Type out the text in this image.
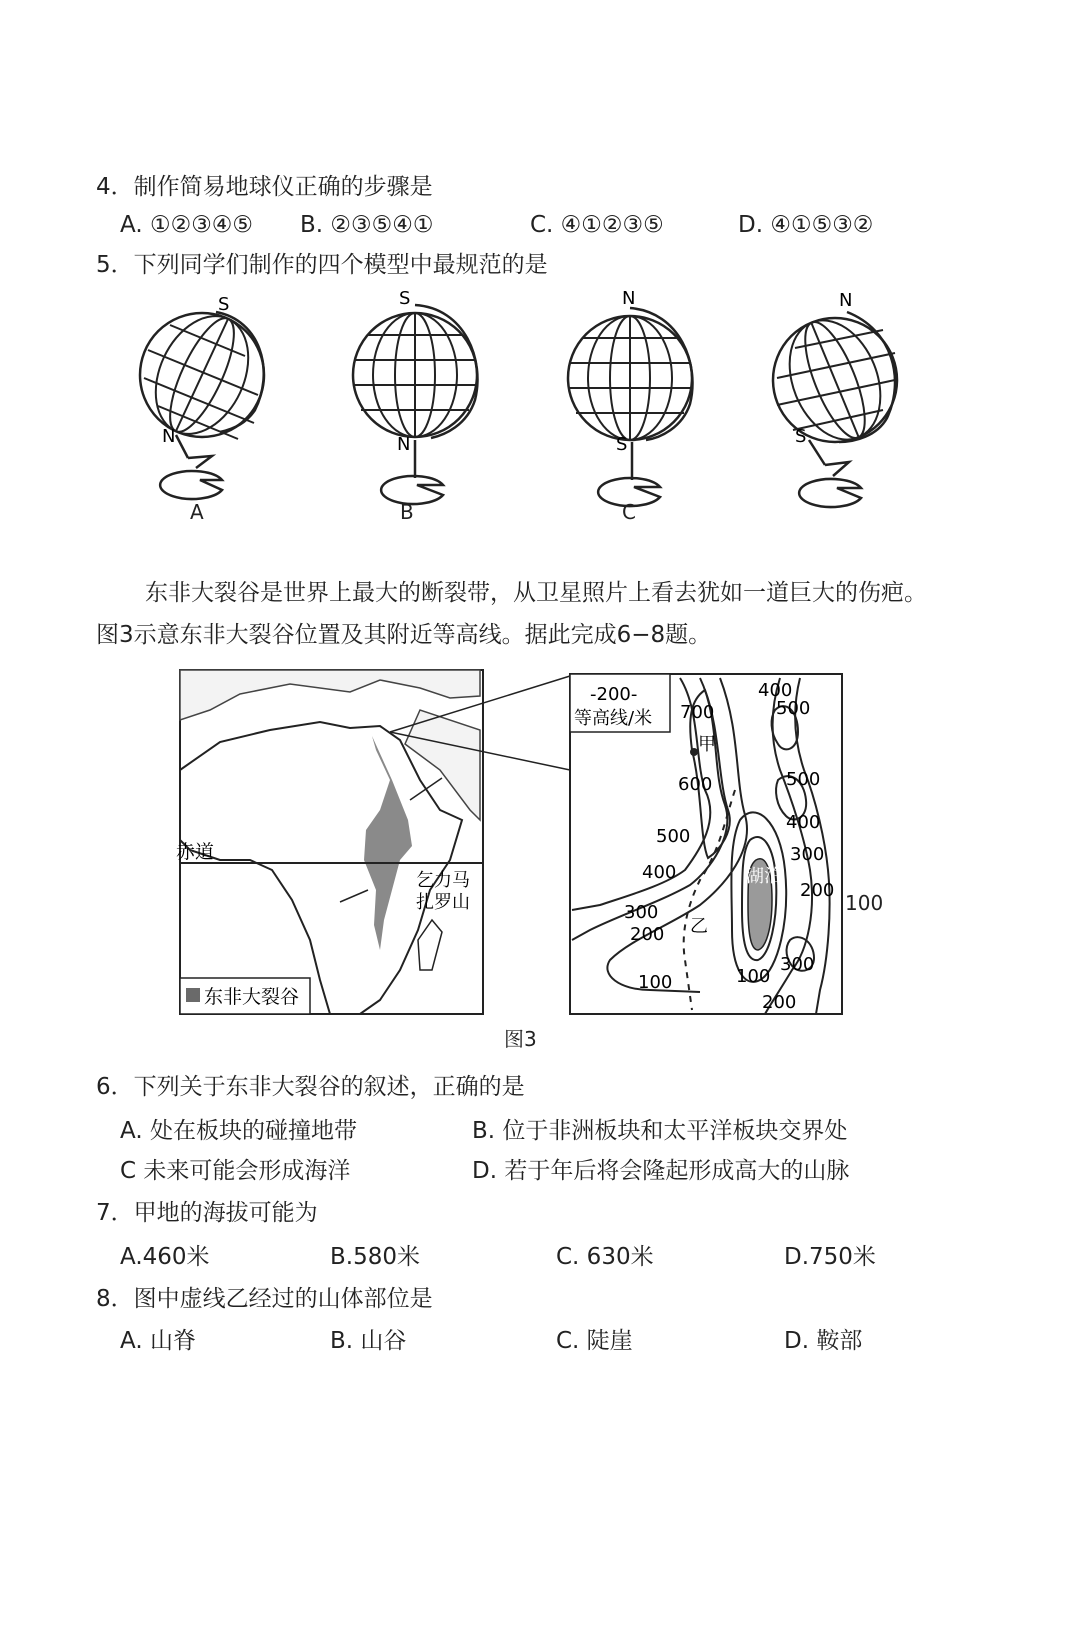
4．制作简易地球仪正确的步骤是
A. ①②③④⑤ B. ②③⑤④①	C. ④①②③⑤	D. ④①⑤③②
5．下列同学们制作的四个模型中最规范的是
S
N
A
S
N
B
N
S
C
N
S
东非大裂谷是世界上最大的断裂带，从卫星照片上看去犹如一道巨大的伤疤。
图3示意东非大裂谷位置及其附近等高线。据此完成6−8题。
赤道
乞力马
扎罗山
东非大裂谷
-200-
等高线/米 700
400
500
甲
600
500
400
500
400
300
湖泊
300
200
200
乙
300
100
100
200
100
图3
6．下列关于东非大裂谷的叙述，正确的是
A. 处在板块的碰撞地带	B. 位于非洲板块和太平洋板块交界处
C 未来可能会形成海洋	D. 若于年后将会隆起形成高大的山脉
7．甲地的海拔可能为
A.460米	B.580米	C. 630米	D.750米
8．图中虚线乙经过的山体部位是
A. 山脊	B. 山谷	C. 陡崖	D. 鞍部
